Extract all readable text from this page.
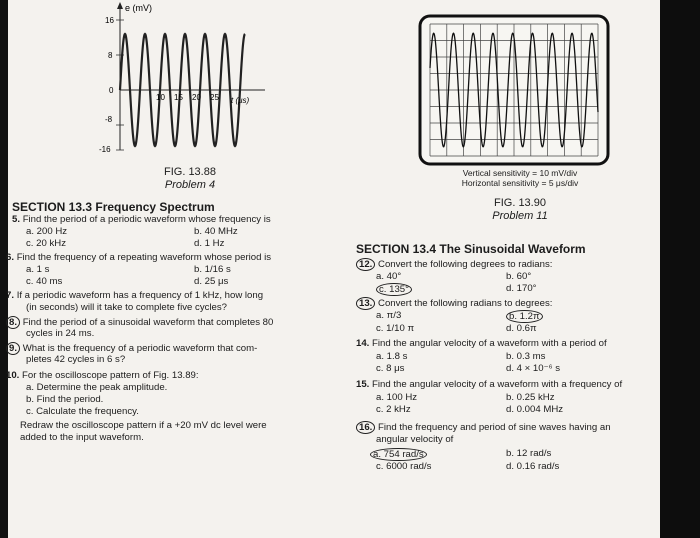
e (mV)
16
8
0
-8
-16
10 15 20 25 t (μs)
FIG. 13.88
Problem 4
Vertical sensitivity = 10 mV/div
Horizontal sensitivity = 5 μs/div
FIG. 13.90
Problem 11
SECTION 13.3 Frequency Spectrum
5. Find the period of a periodic waveform whose frequency is
a. 200 Hz	b. 40 MHz
c. 20 kHz	d. 1 Hz
6. Find the frequency of a repeating waveform whose period is
a. 1 s	b. 1/16 s
c. 40 ms	d. 25 μs
7. If a periodic waveform has a frequency of 1 kHz, how long
(in seconds) will it take to complete five cycles?
8. Find the period of a sinusoidal waveform that completes 80
cycles in 24 ms.
9. What is the frequency of a periodic waveform that com-
pletes 42 cycles in 6 s?
10. For the oscilloscope pattern of Fig. 13.89:
a. Determine the peak amplitude.
b. Find the period.
c. Calculate the frequency.
Redraw the oscilloscope pattern if a +20 mV dc level were
added to the input waveform.
SECTION 13.4 The Sinusoidal Waveform
12. Convert the following degrees to radians:
a. 40°	b. 60°
c. 135°	d. 170°
13. Convert the following radians to degrees:
a. π/3	b. 1.2π
c. 1/10 π	d. 0.6π
14. Find the angular velocity of a waveform with a period of
a. 1.8 s	b. 0.3 ms
c. 8 μs	d. 4 × 10⁻⁶ s
15. Find the angular velocity of a waveform with a frequency of
a. 100 Hz	b. 0.25 kHz
c. 2 kHz	d. 0.004 MHz
16. Find the frequency and period of sine waves having an
angular velocity of
a. 754 rad/s	b. 12 rad/s
c. 6000 rad/s	d. 0.16 rad/s
